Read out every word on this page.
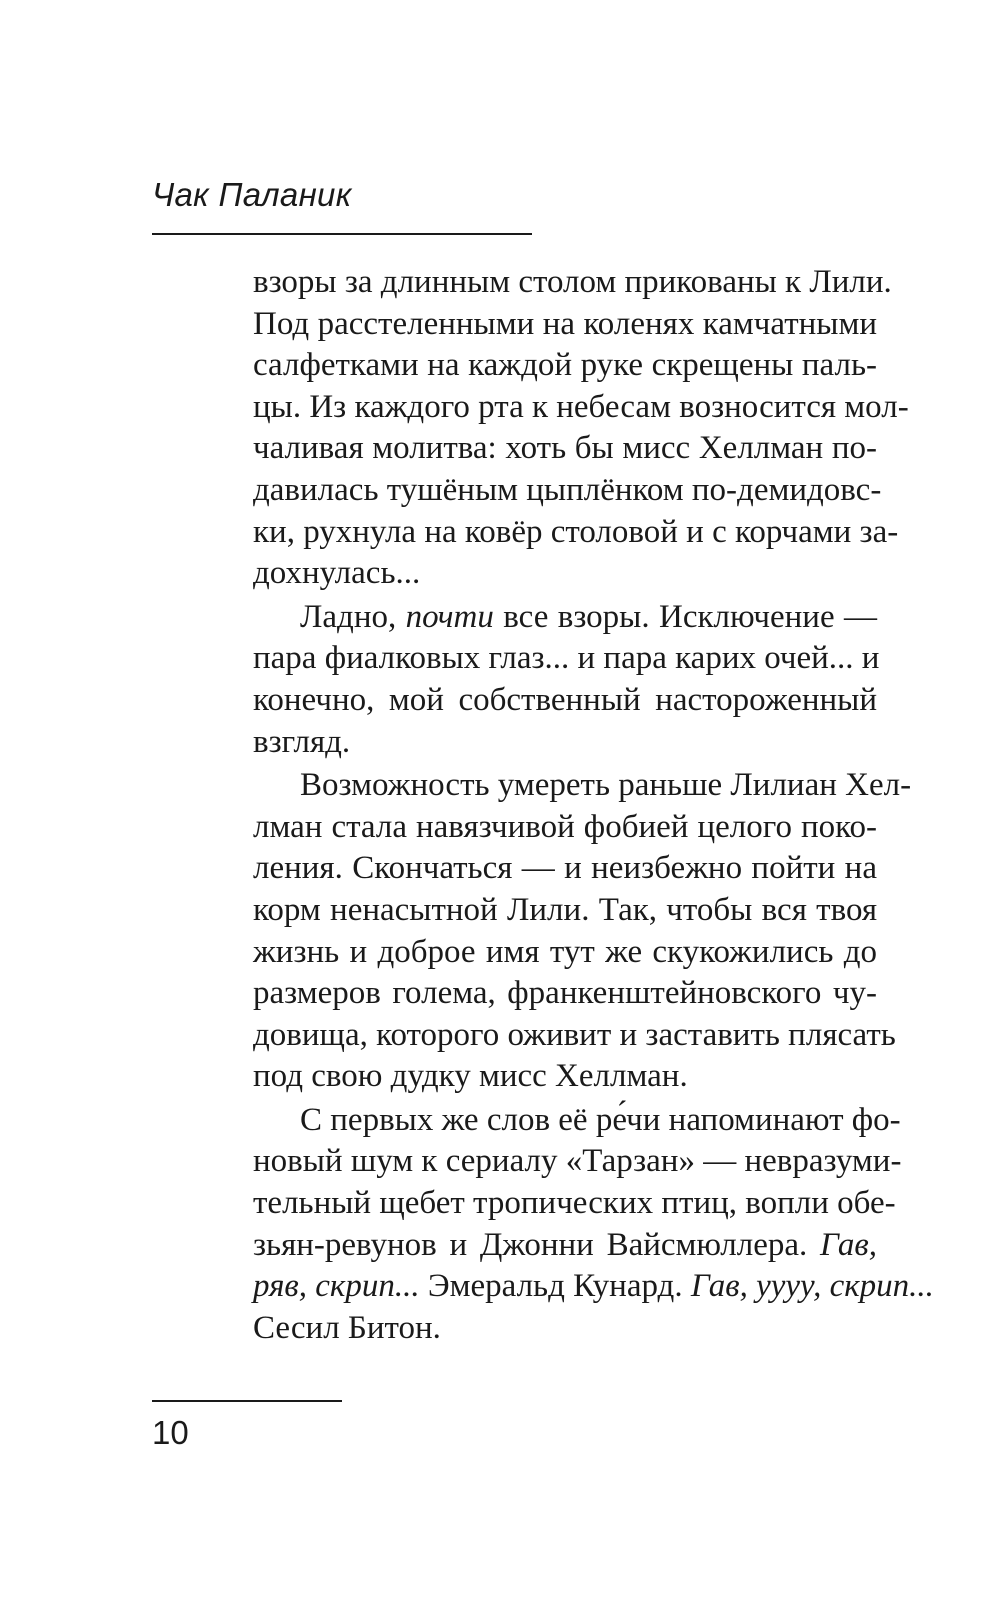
Чак Паланик
взоры за длинным столом прикованы к Лили.
Под расстеленными на коленях камчатными
салфетками на каждой руке скрещены паль-
цы. Из каждого рта к небесам возносится мол-
чаливая молитва: хоть бы мисс Хеллман по-
давилась тушёным цыплёнком по-демидовс-
ки, рухнула на ковёр столовой и с корчами за-
дохнулась...
Ладно, почти все взоры. Исключение —
пара фиалковых глаз... и пара карих очей... и
конечно, мой собственный настороженный
взгляд.
Возможность умереть раньше Лилиан Хел-
лман стала навязчивой фобией целого поко-
ления. Скончаться — и неизбежно пойти на
корм ненасытной Лили. Так, чтобы вся твоя
жизнь и доброе имя тут же скукожились до
размеров голема, франкенштейновского чу-
довища, которого оживит и заставить плясать
под свою дудку мисс Хеллман.
С первых же слов её ре́чи напоминают фо-
новый шум к сериалу «Тарзан» — невразуми-
тельный щебет тропических птиц, вопли обе-
зьян-ревунов и Джонни Вайсмюллера. Гав,
ряв, скрип... Эмеральд Кунард. Гав, уууу, скрип...
Сесил Битон.
10
